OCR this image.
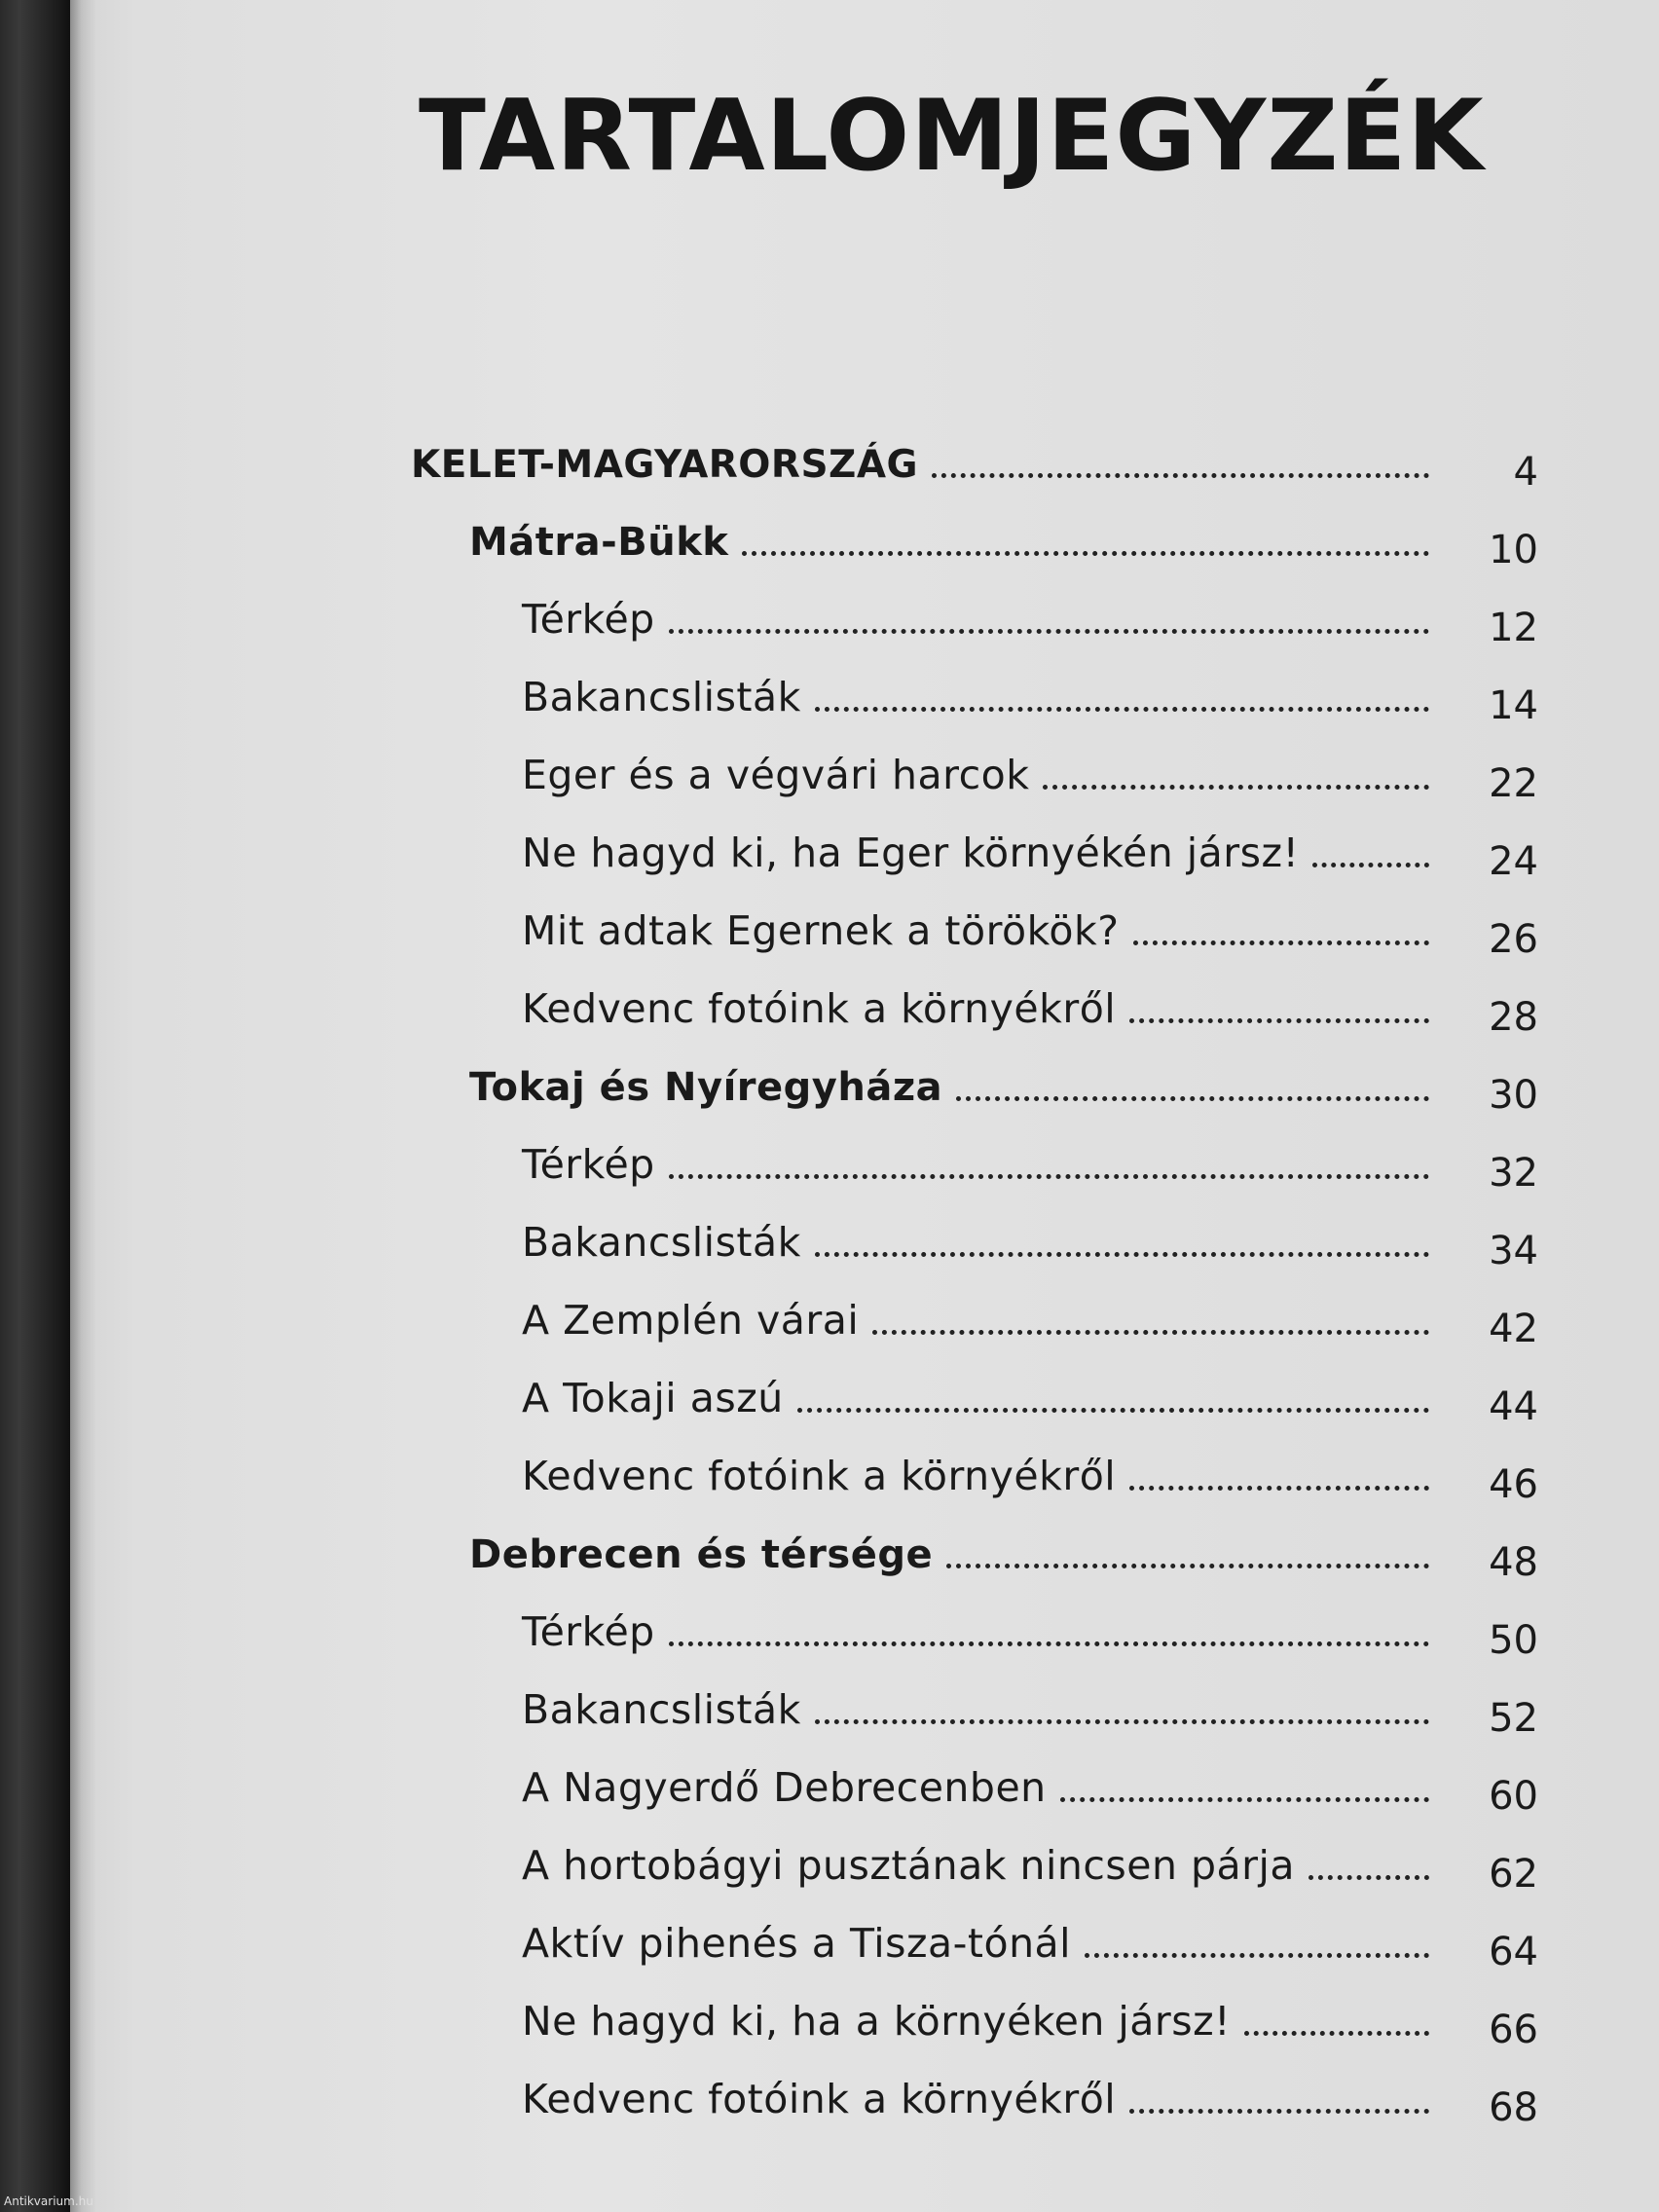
TARTALOMJEGYZÉK
KELET-MAGYARORSZÁG	4
Mátra-Bükk	10
Térkép	12
Bakancslisták	14
Eger és a végvári harcok	22
Ne hagyd ki, ha Eger környékén jársz!	24
Mit adtak Egernek a törökök?	26
Kedvenc fotóink a környékről	28
Tokaj és Nyíregyháza	30
Térkép	32
Bakancslisták	34
A Zemplén várai	42
A Tokaji aszú	44
Kedvenc fotóink a környékről	46
Debrecen és térsége	48
Térkép	50
Bakancslisták	52
A Nagyerdő Debrecenben	60
A hortobágyi pusztának nincsen párja	62
Aktív pihenés a Tisza-tónál	64
Ne hagyd ki, ha a környéken jársz!	66
Kedvenc fotóink a környékről	68
Antikvarium.hu
